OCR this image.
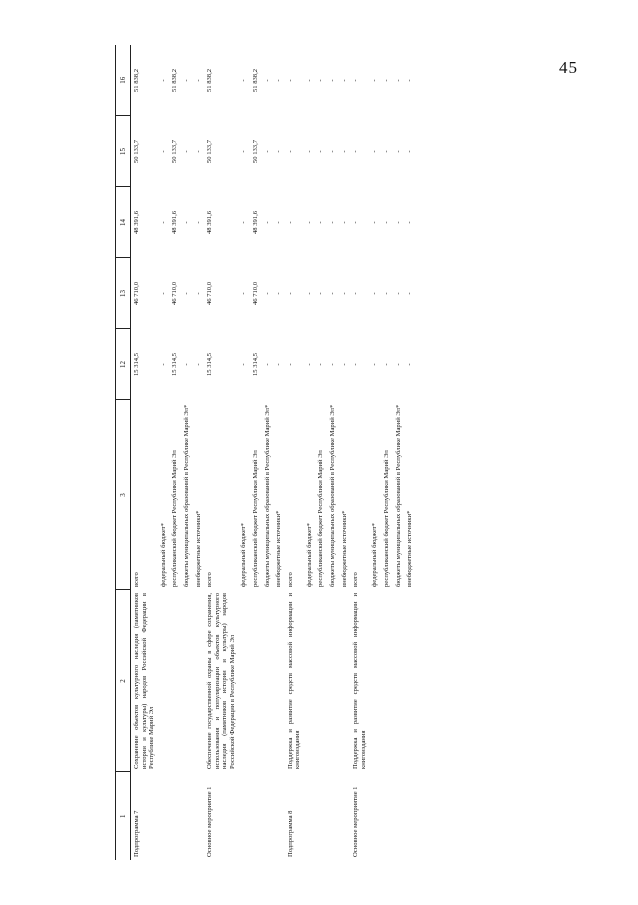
45
1	2	3	12	13	14	15	16
Подпрограмма 7	Сохранение объектов культурного наследия (памятников истории и культуры) народов Российской Федерации в Республике Марий Эл	всего	15 314,5	46 710,0	48 391,6	50 133,7	51 838,2
		федеральный бюджет*	-	-	-	-	-
		республиканский бюджет Республики Марий Эл	15 314,5	46 710,0	48 391,6	50 133,7	51 838,2
		бюджеты муниципальных образований в Республике Марий Эл*	-	-	-	-	-
		внебюджетные источники*	-	-	-	-	-
Основное мероприятие 1	Обеспечение государственной охраны в сфере сохранения, использования и популяризации объектов культурного наследия (памятников истории и культуры) народов Российской Федерации в Республике Марий Эл	всего	15 314,5	46 710,0	48 391,6	50 133,7	51 838,2
		федеральный бюджет*	-	-	-	-	-
		республиканский бюджет Республики Марий Эл	15 314,5	46 710,0	48 391,6	50 133,7	51 838,2
		бюджеты муниципальных образований в Республике Марий Эл*	-	-	-	-	-
		внебюджетные источники*	-	-	-	-	-
Подпрограмма 8	Поддержка и развитие средств массовой информации и книгоиздания	всего	-	-	-	-	-
		федеральный бюджет*	-	-	-	-	-
		республиканский бюджет Республики Марий Эл	-	-	-	-	-
		бюджеты муниципальных образований в Республике Марий Эл*	-	-	-	-	-
		внебюджетные источники*	-	-	-	-	-
Основное мероприятие 1	Поддержка и развитие средств массовой информации и книгоиздания	всего	-	-	-	-	-
		федеральный бюджет*	-	-	-	-	-
		республиканский бюджет Республики Марий Эл	-	-	-	-	-
		бюджеты муниципальных образований в Республике Марий Эл*	-	-	-	-	-
		внебюджетные источники*	-	-	-	-	-
